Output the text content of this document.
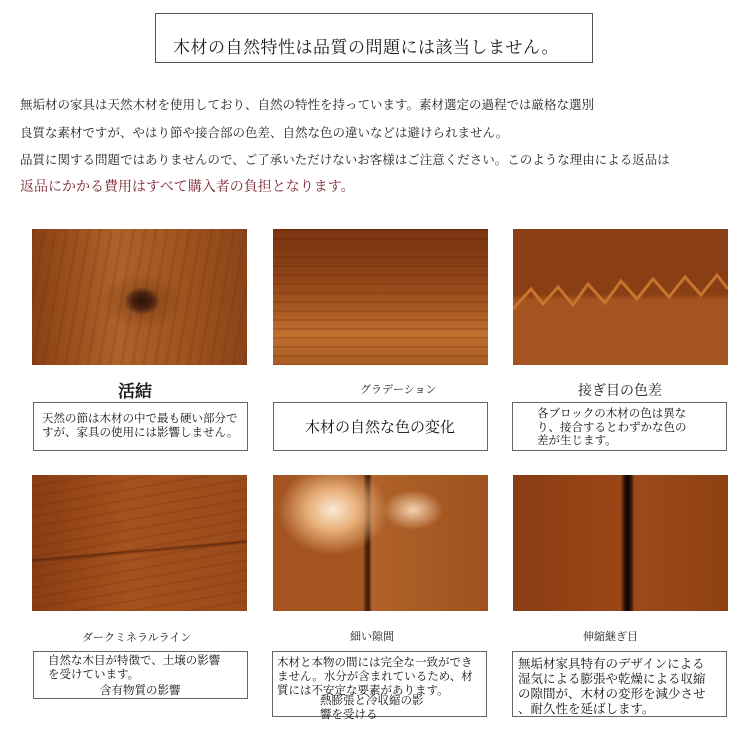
木材の自然特性は品質の問題には該当しません。
無垢材の家具は天然木材を使用しており、自然の特性を持っています。素材選定の過程では厳格な選別
良質な素材ですが、やはり節や接合部の色差、自然な色の違いなどは避けられません。
品質に関する問題ではありませんので、ご了承いただけないお客様はご注意ください。このような理由による返品は
返品にかかる費用はすべて購入者の負担となります。
活結	グラデーション	接ぎ目の色差
天然の節は木材の中で最も硬い部分で
すが、家具の使用には影響しません。	木材の自然な色の変化
各ブロックの木材の色は異な
り、接合するとわずかな色の
差が生じます。
ダークミネラルライン	細い隙間	伸縮継ぎ目
自然な木目が特徴で、土壌の影響
を受けています。
含有物質の影響
木材と本物の間には完全な一致ができ
ません。水分が含まれているため、材
質には不安定な要素があります。
熱膨張と冷収縮の影
響を受ける
無垢材家具特有のデザインによる
湿気による膨張や乾燥による収縮
の隙間が、木材の変形を減少させ
、耐久性を延ばします。
